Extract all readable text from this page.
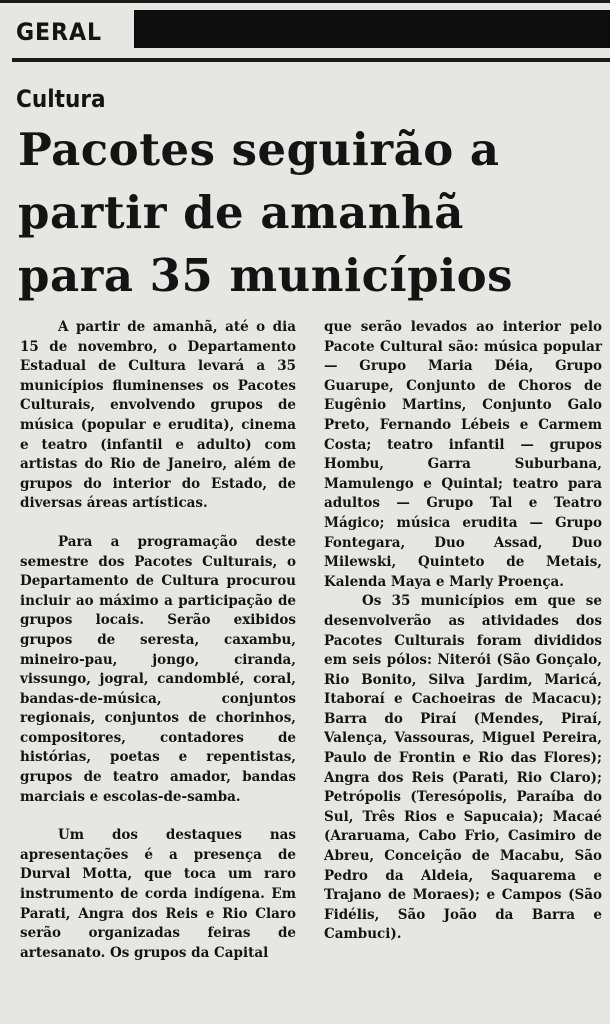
GERAL
Cultura
Pacotes seguirão a
partir de amanhã
para 35 municípios

A partir de amanhã, até o dia 15 de novembro, o Departamento Estadual de Cultura levará a 35 municípios fluminenses os Pacotes Culturais, envolvendo grupos de música (popular e erudita), cinema e teatro (infantil e adulto) com artistas do Rio de Janeiro, além de grupos do interior do Estado, de diversas áreas artísticas.

Para a programação deste semestre dos Pacotes Culturais, o Departamento de Cultura procurou incluir ao máximo a participação de grupos locais. Serão exibidos grupos de seresta, caxambu, mineiro-pau, jongo, ciranda, vissungo, jogral, candomblé, coral, bandas-de-música, conjuntos regionais, conjuntos de chorinhos, compositores, contadores de histórias, poetas e repentistas, grupos de teatro amador, bandas marciais e escolas-de-samba.

Um dos destaques nas apresentações é a presença de Durval Motta, que toca um raro instrumento de corda indígena. Em Parati, Angra dos Reis e Rio Claro serão organizadas feiras de artesanato. Os grupos da Capital

que serão levados ao interior pelo Pacote Cultural são: música popular — Grupo Maria Déia, Grupo Guarupe, Conjunto de Choros de Eugênio Martins, Conjunto Galo Preto, Fernando Lébeis e Carmem Costa; teatro infantil — grupos Hombu, Garra Suburbana, Mamulengo e Quintal; teatro para adultos — Grupo Tal e Teatro Mágico; música erudita — Grupo Fontegara, Duo Assad, Duo Milewski, Quinteto de Metais, Kalenda Maya e Marly Proença.

Os 35 municípios em que se desenvolverão as atividades dos Pacotes Culturais foram divididos em seis pólos: Niterói (São Gonçalo, Rio Bonito, Silva Jardim, Maricá, Itaboraí e Cachoeiras de Macacu); Barra do Piraí (Mendes, Piraí, Valença, Vassouras, Miguel Pereira, Paulo de Frontin e Rio das Flores); Angra dos Reis (Parati, Rio Claro); Petrópolis (Teresópolis, Paraíba do Sul, Três Rios e Sapucaia); Macaé (Araruama, Cabo Frio, Casimiro de Abreu, Conceição de Macabu, São Pedro da Aldeia, Saquarema e Trajano de Moraes); e Campos (São Fidélis, São João da Barra e Cambuci).
